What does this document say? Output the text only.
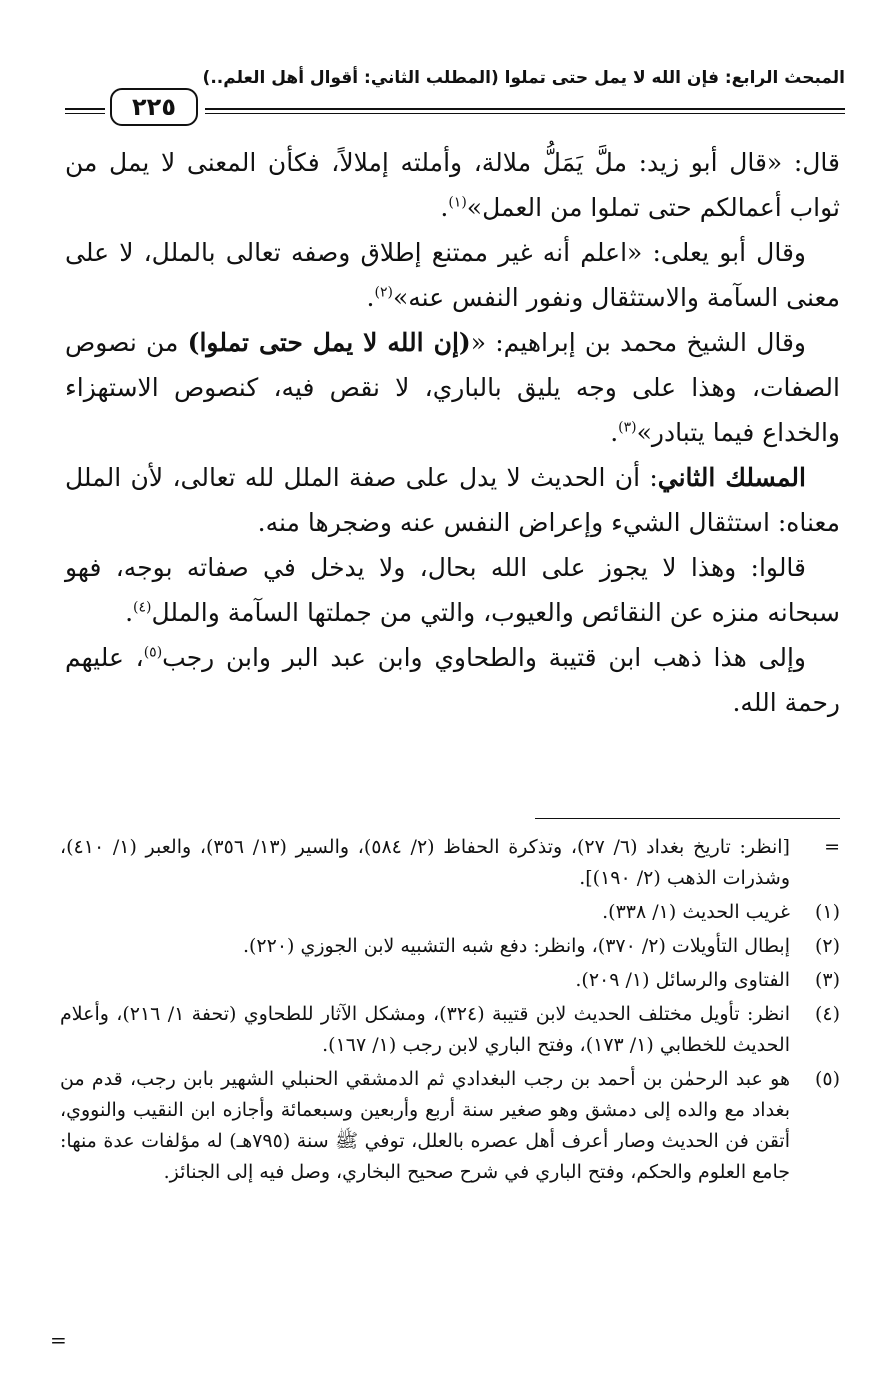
المبحث الرابع: فإن الله لا يمل حتى تملوا (المطلب الثاني: أقوال أهل العلم..)
٢٢٥

قال: «قال أبو زيد: ملَّ يَمَلُّ ملالة، وأملته إملالاً، فكأن المعنى لا يمل من ثواب أعمالكم حتى تملوا من العمل»$^{(١)}$.

وقال أبو يعلى: «اعلم أنه غير ممتنع إطلاق وصفه تعالى بالملل، لا على معنى السآمة والاستثقال ونفور النفس عنه»$^{(٢)}$.

وقال الشيخ محمد بن إبراهيم: «(إن الله لا يمل حتى تملوا) من نصوص الصفات، وهذا على وجه يليق بالباري، لا نقص فيه، كنصوص الاستهزاء والخداع فيما يتبادر»$^{(٣)}$.

المسلك الثاني: أن الحديث لا يدل على صفة الملل لله تعالى، لأن الملل معناه: استثقال الشيء وإعراض النفس عنه وضجرها منه.

قالوا: وهذا لا يجوز على الله بحال، ولا يدخل في صفاته بوجه، فهو سبحانه منزه عن النقائص والعيوب، والتي من جملتها السآمة والملل$^{(٤)}$.

وإلى هذا ذهب ابن قتيبة والطحاوي وابن عبد البر وابن رجب$^{(٥)}$، عليهم رحمة الله.

=
[انظر: تاريخ بغداد (٦/ ٢٧)، وتذكرة الحفاظ (٢/ ٥٨٤)، والسير (١٣/ ٣٥٦)، والعبر (١/ ٤١٠)، وشذرات الذهب (٢/ ١٩٠)].
(١)
غريب الحديث (١/ ٣٣٨).
(٢)
إبطال التأويلات (٢/ ٣٧٠)، وانظر: دفع شبه التشبيه لابن الجوزي (٢٢٠).
(٣)
الفتاوى والرسائل (١/ ٢٠٩).
(٤)
انظر: تأويل مختلف الحديث لابن قتيبة (٣٢٤)، ومشكل الآثار للطحاوي (تحفة ١/ ٢١٦)، وأعلام الحديث للخطابي (١/ ١٧٣)، وفتح الباري لابن رجب (١/ ١٦٧).
(٥)
هو عبد الرحمٰن بن أحمد بن رجب البغدادي ثم الدمشقي الحنبلي الشهير بابن رجب، قدم من بغداد مع والده إلى دمشق وهو صغير سنة أربع وأربعين وسبعمائة وأجازه ابن النقيب والنووي، أتقن فن الحديث وصار أعرف أهل عصره بالعلل، توفي ﷺ سنة (٧٩٥هـ) له مؤلفات عدة منها: جامع العلوم والحكم، وفتح الباري في شرح صحيح البخاري، وصل فيه إلى الجنائز.
=
